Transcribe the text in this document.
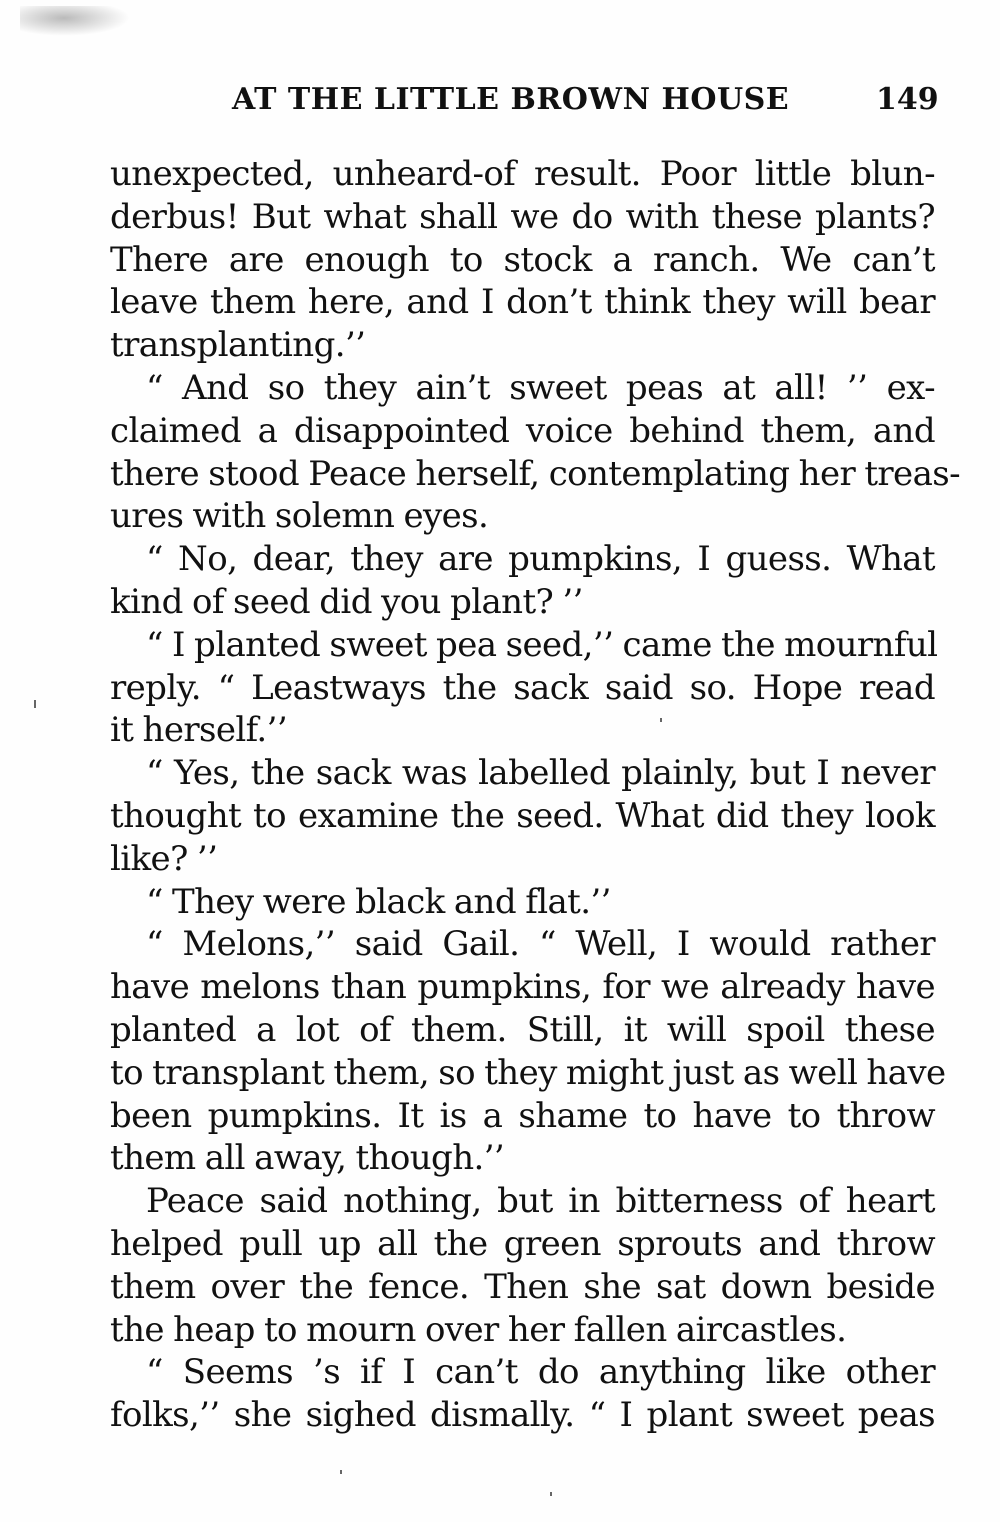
AT THE LITTLE BROWN HOUSE	149
unexpected, unheard-of result. Poor little blun-
derbus! But what shall we do with these plants?
There are enough to stock a ranch. We can’t
leave them here, and I don’t think they will bear
transplanting.’’
“ And so they ain’t sweet peas at all! ’’ ex-
claimed a disappointed voice behind them, and
there stood Peace herself, contemplating her treas-
ures with solemn eyes.
“ No, dear, they are pumpkins, I guess. What
kind of seed did you plant? ’’
“ I planted sweet pea seed,’’ came the mournful
reply. “ Leastways the sack said so. Hope read
it herself.’’
“ Yes, the sack was labelled plainly, but I never
thought to examine the seed. What did they look
like? ’’
“ They were black and flat.’’
“ Melons,’’ said Gail. “ Well, I would rather
have melons than pumpkins, for we already have
planted a lot of them. Still, it will spoil these
to transplant them, so they might just as well have
been pumpkins. It is a shame to have to throw
them all away, though.’’
Peace said nothing, but in bitterness of heart
helped pull up all the green sprouts and throw
them over the fence. Then she sat down beside
the heap to mourn over her fallen aircastles.
“ Seems ’s if I can’t do anything like other
folks,’’ she sighed dismally. “ I plant sweet peas
